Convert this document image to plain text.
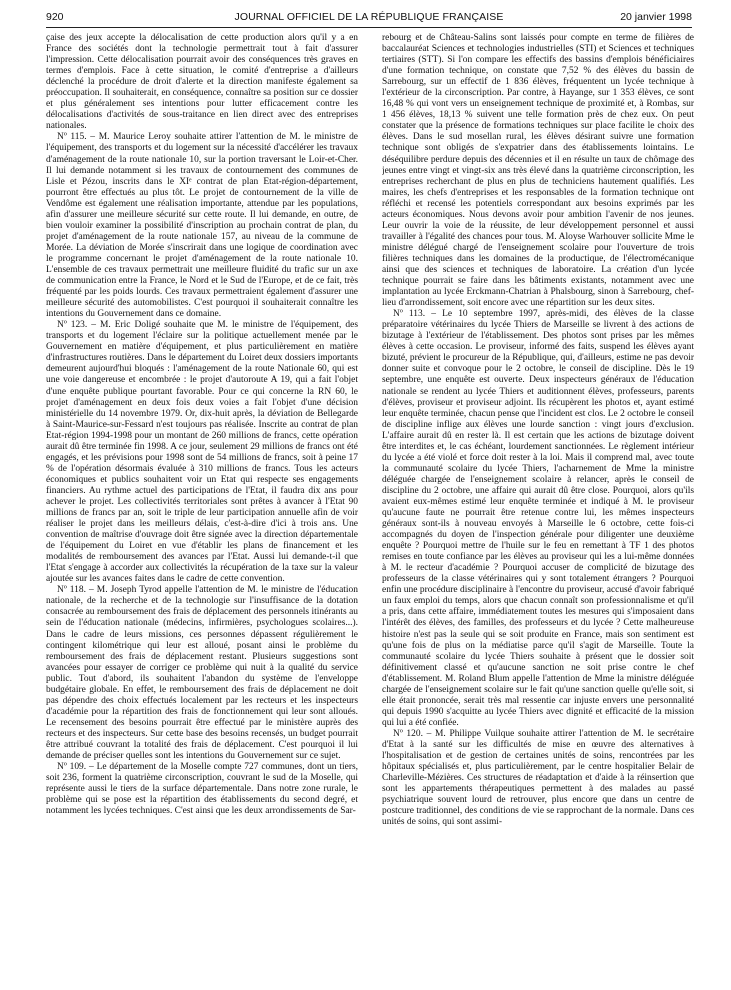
920	JOURNAL OFFICIEL DE LA RÉPUBLIQUE FRANÇAISE	20 janvier 1998

çaise des jeux accepte la délocalisation de cette production alors qu'il y a en France des sociétés dont la technologie permettrait tout à fait d'assurer l'impression. Cette délocalisation pourrait avoir des conséquences très graves en termes d'emplois. Face à cette situation, le comité d'entreprise a d'ailleurs déclenché la procédure de droit d'alerte et la direction manifeste également sa préoccupation. Il souhaiterait, en conséquence, connaître sa position sur ce dossier et plus généralement ses intentions pour lutter efficacement contre les délocalisations d'activités de sous-traitance en lien direct avec des entreprises nationales.

Nº 115. – M. Maurice Leroy souhaite attirer l'attention de M. le ministre de l'équipement, des transports et du logement sur la nécessité d'accélérer les travaux d'aménagement de la route nationale 10, sur la portion traversant le Loir-et-Cher. Il lui demande notamment si les travaux de contournement des communes de Lisle et Pézou, inscrits dans le XIᵉ contrat de plan Etat-région-département, pourront être effectués au plus tôt. Le projet de contournement de la ville de Vendôme est également une réalisation importante, attendue par les populations, afin d'assurer une meilleure sécurité sur cette route. Il lui demande, en outre, de bien vouloir examiner la possibilité d'inscription au prochain contrat de plan, du projet d'aménagement de la route nationale 157, au niveau de la commune de Morée. La déviation de Morée s'inscrirait dans une logique de coordination avec le programme concernant le projet d'aménagement de la route nationale 10. L'ensemble de ces travaux permettrait une meilleure fluidité du trafic sur un axe de communication entre la France, le Nord et le Sud de l'Europe, et de ce fait, très fréquenté par les poids lourds. Ces travaux permettraient également d'assurer une meilleure sécurité des automobilistes. C'est pourquoi il souhaiterait connaître les intentions du Gouvernement dans ce domaine.

Nº 123. – M. Eric Doligé souhaite que M. le ministre de l'équipement, des transports et du logement l'éclaire sur la politique actuellement menée par le Gouvernement en matière d'équipement, et plus particulièrement en matière d'infrastructures routières. Dans le département du Loiret deux dossiers importants demeurent aujourd'hui bloqués : l'aménagement de la route Nationale 60, qui est une voie dangereuse et encombrée : le projet d'autoroute A 19, qui a fait l'objet d'une enquête publique pourtant favorable. Pour ce qui concerne la RN 60, le projet d'aménagement en deux fois deux voies a fait l'objet d'une décision ministérielle du 14 novembre 1979. Or, dix-huit après, la déviation de Bellegarde à Saint-Maurice-sur-Fessard n'est toujours pas réalisée. Inscrite au contrat de plan Etat-région 1994-1998 pour un montant de 260 millions de francs, cette opération aurait dû être terminée fin 1998. A ce jour, seulement 29 millions de francs ont été engagés, et les prévisions pour 1998 sont de 54 millions de francs, soit à peine 17 % de l'opération désormais évaluée à 310 millions de francs. Tous les acteurs économiques et publics souhaitent voir un Etat qui respecte ses engagements financiers. Au rythme actuel des participations de l'Etat, il faudra dix ans pour achever le projet. Les collectivités territoriales sont prêtes à avancer à l'Etat 90 millions de francs par an, soit le triple de leur participation annuelle afin de voir réaliser le projet dans les meilleurs délais, c'est-à-dire d'ici à trois ans. Une convention de maîtrise d'ouvrage doit être signée avec la direction départementale de l'équipement du Loiret en vue d'établir les plans de financement et les modalités de remboursement des avances par l'Etat. Aussi lui demande-t-il que l'Etat s'engage à accorder aux collectivités la récupération de la taxe sur la valeur ajoutée sur les avances faites dans le cadre de cette convention.

Nº 118. – M. Joseph Tyrod appelle l'attention de M. le ministre de l'éducation nationale, de la recherche et de la technologie sur l'insuffisance de la dotation consacrée au remboursement des frais de déplacement des personnels itinérants au sein de l'éducation nationale (médecins, infirmières, psychologues scolaires...). Dans le cadre de leurs missions, ces personnes dépassent régulièrement le contingent kilométrique qui leur est alloué, posant ainsi le problème du remboursement des frais de déplacement restant. Plusieurs suggestions sont avancées pour essayer de corriger ce problème qui nuit à la qualité du service public. Tout d'abord, ils souhaitent l'abandon du système de l'enveloppe budgétaire globale. En effet, le remboursement des frais de déplacement ne doit pas dépendre des choix effectués localement par les recteurs et les inspecteurs d'académie pour la répartition des frais de fonctionnement qui leur sont alloués. Le recensement des besoins pourrait être effectué par le ministère auprès des recteurs et des inspecteurs. Sur cette base des besoins recensés, un budget pourrait être attribué couvrant la totalité des frais de déplacement. C'est pourquoi il lui demande de préciser quelles sont les intentions du Gouvernement sur ce sujet.

Nº 109. – Le département de la Moselle compte 727 communes, dont un tiers, soit 236, forment la quatrième circonscription, couvrant le sud de la Moselle, qui représente aussi le tiers de la surface départementale. Dans notre zone rurale, le problème qui se pose est la répartition des établissements du second degré, et notamment les lycées techniques. C'est ainsi que les deux arrondissements de Sar-

rebourg et de Château-Salins sont laissés pour compte en terme de filières de baccalauréat Sciences et technologies industrielles (STI) et Sciences et techniques tertiaires (STT). Si l'on compare les effectifs des bassins d'emplois bénéficiaires d'une formation technique, on constate que 7,52 % des élèves du bassin de Sarrebourg, sur un effectif de 1 836 élèves, fréquentent un lycée technique à l'extérieur de la circonscription. Par contre, à Hayange, sur 1 353 élèves, ce sont 16,48 % qui vont vers un enseignement technique de proximité et, à Rombas, sur 1 456 élèves, 18,13 % suivent une telle formation près de chez eux. On peut constater que la présence de formations techniques sur place facilite le choix des élèves. Dans le sud mosellan rural, les élèves désirant suivre une formation technique sont obligés de s'expatrier dans des établissements lointains. Le déséquilibre perdure depuis des décennies et il en résulte un taux de chômage des jeunes entre vingt et vingt-six ans très élevé dans la quatrième circonscription, les entreprises recherchant de plus en plus de techniciens hautement qualifiés. Les maires, les chefs d'entreprises et les responsables de la formation technique ont réfléchi et recensé les potentiels correspondant aux besoins exprimés par les acteurs économiques. Nous devons avoir pour ambition l'avenir de nos jeunes. Leur ouvrir la voie de la réussite, de leur développement personnel et aussi travailler à l'égalité des chances pour tous. M. Aloyse Warhouver sollicite Mme le ministre délégué chargé de l'enseignement scolaire pour l'ouverture de trois filières techniques dans les domaines de la productique, de l'électromécanique ainsi que des sciences et techniques de laboratoire. La création d'un lycée technique pourrait se faire dans les bâtiments existants, notamment avec une implantation au lycée Erckmann-Chatrian à Phalsbourg, sinon à Sarrebourg, chef-lieu d'arrondissement, soit encore avec une répartition sur les deux sites.

Nº 113. – Le 10 septembre 1997, après-midi, des élèves de la classe préparatoire vétérinaires du lycée Thiers de Marseille se livrent à des actions de bizutage à l'extérieur de l'établissement. Des photos sont prises par les mêmes élèves à cette occasion. Le proviseur, informé des faits, suspend les élèves ayant bizuté, prévient le procureur de la République, qui, d'ailleurs, estime ne pas devoir donner suite et convoque pour le 2 octobre, le conseil de discipline. Dès le 19 septembre, une enquête est ouverte. Deux inspecteurs généraux de l'éducation nationale se rendent au lycée Thiers et auditionnent élèves, professeurs, parents d'élèves, proviseur et proviseur adjoint. Ils récupèrent les photos et, ayant estimé leur enquête terminée, chacun pense que l'incident est clos. Le 2 octobre le conseil de discipline inflige aux élèves une lourde sanction : vingt jours d'exclusion. L'affaire aurait dû en rester là. Il est certain que les actions de bizutage doivent être interdites et, le cas échéant, lourdement sanctionnées. Le règlement intérieur du lycée a été violé et force doit rester à la loi. Mais il comprend mal, avec toute la communauté scolaire du lycée Thiers, l'acharnement de Mme la ministre déléguée chargée de l'enseignement scolaire à relancer, après le conseil de discipline du 2 octobre, une affaire qui aurait dû être close. Pourquoi, alors qu'ils avaient eux-mêmes estimé leur enquête terminée et indiqué à M. le proviseur qu'aucune faute ne pourrait être retenue contre lui, les mêmes inspecteurs généraux sont-ils à nouveau envoyés à Marseille le 6 octobre, cette fois-ci accompagnés du doyen de l'inspection générale pour diligenter une deuxième enquête ? Pourquoi mettre de l'huile sur le feu en remettant à TF 1 des photos remises en toute confiance par les élèves au proviseur qui les a lui-même données à M. le recteur d'académie ? Pourquoi accuser de complicité de bizutage des professeurs de la classe vétérinaires qui y sont totalement étrangers ? Pourquoi enfin une procédure disciplinaire à l'encontre du proviseur, accusé d'avoir fabriqué un faux emploi du temps, alors que chacun connaît son professionnalisme et qu'il a pris, dans cette affaire, immédiatement toutes les mesures qui s'imposaient dans l'intérêt des élèves, des familles, des professeurs et du lycée ? Cette malheureuse histoire n'est pas la seule qui se soit produite en France, mais son sentiment est qu'une fois de plus on la médiatise parce qu'il s'agit de Marseille. Toute la communauté scolaire du lycée Thiers souhaite à présent que le dossier soit définitivement classé et qu'aucune sanction ne soit prise contre le chef d'établissement. M. Roland Blum appelle l'attention de Mme la ministre déléguée chargée de l'enseignement scolaire sur le fait qu'une sanction quelle qu'elle soit, si elle était prononcée, serait très mal ressentie car injuste envers une personnalité qui depuis 1990 s'acquitte au lycée Thiers avec dignité et efficacité de la mission qui lui a été confiée.

Nº 120. – M. Philippe Vuilque souhaite attirer l'attention de M. le secrétaire d'Etat à la santé sur les difficultés de mise en œuvre des alternatives à l'hospitalisation et de gestion de certaines unités de soins, rencontrées par les hôpitaux spécialisés et, plus particulièrement, par le centre hospitalier Belair de Charleville-Mézières. Ces structures de réadaptation et d'aide à la réinsertion que sont les appartements thérapeutiques permettent à des malades au passé psychiatrique souvent lourd de retrouver, plus encore que dans un centre de postcure traditionnel, des conditions de vie se rapprochant de la normale. Dans ces unités de soins, qui sont assimi-
